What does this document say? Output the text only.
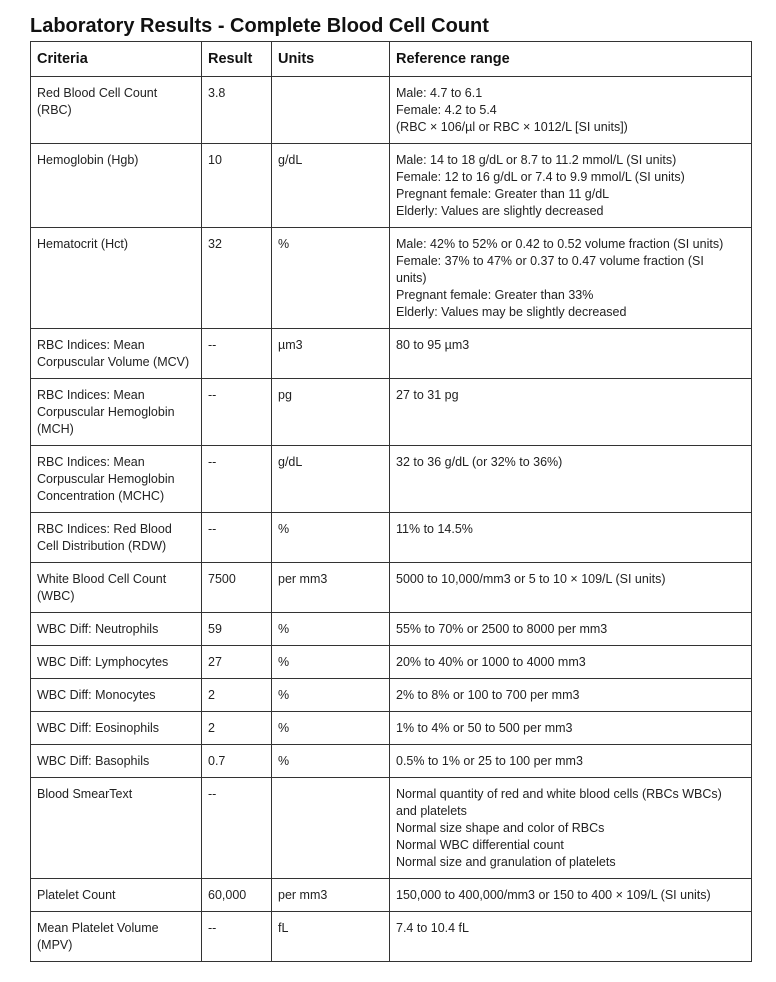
Laboratory Results - Complete Blood Cell Count
Criteria	Result	Units	Reference range

Red Blood Cell Count
(RBC)	3.8		Male: 4.7 to 6.1
Female: 4.2 to 5.4
(RBC × 106/µl or RBC × 1012/L [SI units])

Hemoglobin (Hgb)	10	g/dL	Male: 14 to 18 g/dL or 8.7 to 11.2 mmol/L (SI units)
Female: 12 to 16 g/dL or 7.4 to 9.9 mmol/L (SI units)
Pregnant female: Greater than 11 g/dL
Elderly: Values are slightly decreased

Hematocrit (Hct)	32	%	Male: 42% to 52% or 0.42 to 0.52 volume fraction (SI units)
Female: 37% to 47% or 0.37 to 0.47 volume fraction (SI
units)
Pregnant female: Greater than 33%
Elderly: Values may be slightly decreased

RBC Indices: Mean
Corpuscular Volume (MCV)	--	µm3	80 to 95 µm3

RBC Indices: Mean
Corpuscular Hemoglobin
(MCH)	--	pg	27 to 31 pg

RBC Indices: Mean
Corpuscular Hemoglobin
Concentration (MCHC)	--	g/dL	32 to 36 g/dL (or 32% to 36%)

RBC Indices: Red Blood
Cell Distribution (RDW)	--	%	11% to 14.5%

White Blood Cell Count
(WBC)	7500	per mm3	5000 to 10,000/mm3 or 5 to 10 × 109/L (SI units)

WBC Diff: Neutrophils	59	%	55% to 70% or 2500 to 8000 per mm3

WBC Diff: Lymphocytes	27	%	20% to 40% or 1000 to 4000 mm3

WBC Diff: Monocytes	2	%	2% to 8% or 100 to 700 per mm3

WBC Diff: Eosinophils	2	%	1% to 4% or 50 to 500 per mm3

WBC Diff: Basophils	0.7	%	0.5% to 1% or 25 to 100 per mm3

Blood SmearText	--		Normal quantity of red and white blood cells (RBCs WBCs)
and platelets
Normal size shape and color of RBCs
Normal WBC differential count
Normal size and granulation of platelets

Platelet Count	60,000	per mm3	150,000 to 400,000/mm3 or 150 to 400 × 109/L (SI units)

Mean Platelet Volume
(MPV)	--	fL	7.4 to 10.4 fL
